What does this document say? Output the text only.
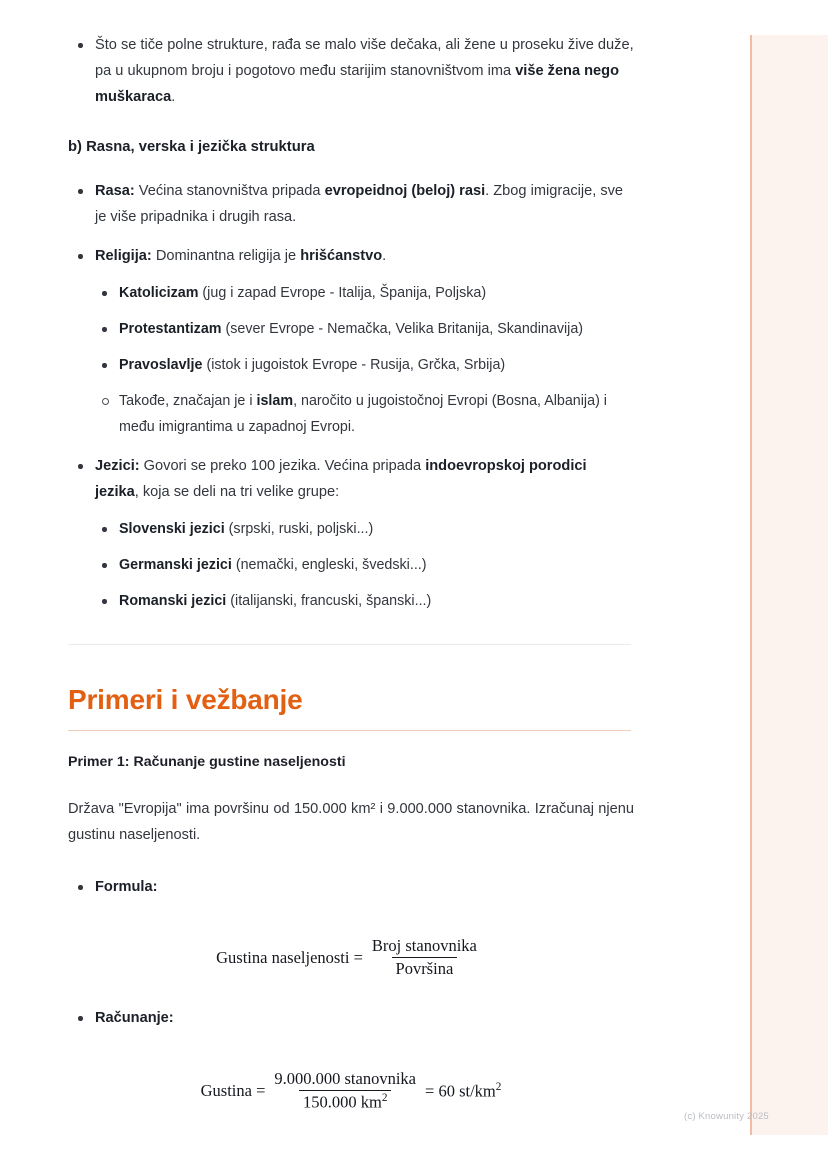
Što se tiče polne strukture, rađa se malo više dečaka, ali žene u proseku žive duže, pa u ukupnom broju i pogotovo među starijim stanovništvom ima više žena nego muškaraca.
b) Rasna, verska i jezička struktura
Rasa: Većina stanovništva pripada evropeidnoj (beloj) rasi. Zbog imigracije, sve je više pripadnika i drugih rasa.
Religija: Dominantna religija je hrišćanstvo.
Katolicizam (jug i zapad Evrope - Italija, Španija, Poljska)
Protestantizam (sever Evrope - Nemačka, Velika Britanija, Skandinavija)
Pravoslavlje (istok i jugoistok Evrope - Rusija, Grčka, Srbija)
Takođe, značajan je i islam, naročito u jugoistočnoj Evropi (Bosna, Albanija) i među imigrantima u zapadnoj Evropi.
Jezici: Govori se preko 100 jezika. Većina pripada indoevropskoj porodici jezika, koja se deli na tri velike grupe:
Slovenski jezici (srpski, ruski, poljski...)
Germanski jezici (nemački, engleski, švedski...)
Romanski jezici (italijanski, francuski, španski...)
Primeri i vežbanje
Primer 1: Računanje gustine naseljenosti

Država "Evropija" ima površinu od 150.000 km² i 9.000.000 stanovnika. Izračunaj njenu gustinu naseljenosti.

Formula:
Gustina naseljenosti = $\frac{\text{Broj stanovnika}}{\text{Površina}}$
Računanje:
Gustina = $\frac{\text{9.000.000 stanovnika}}{150.000 km^2} = 60$ $st/km^2$
(c) Knowunity 2025
